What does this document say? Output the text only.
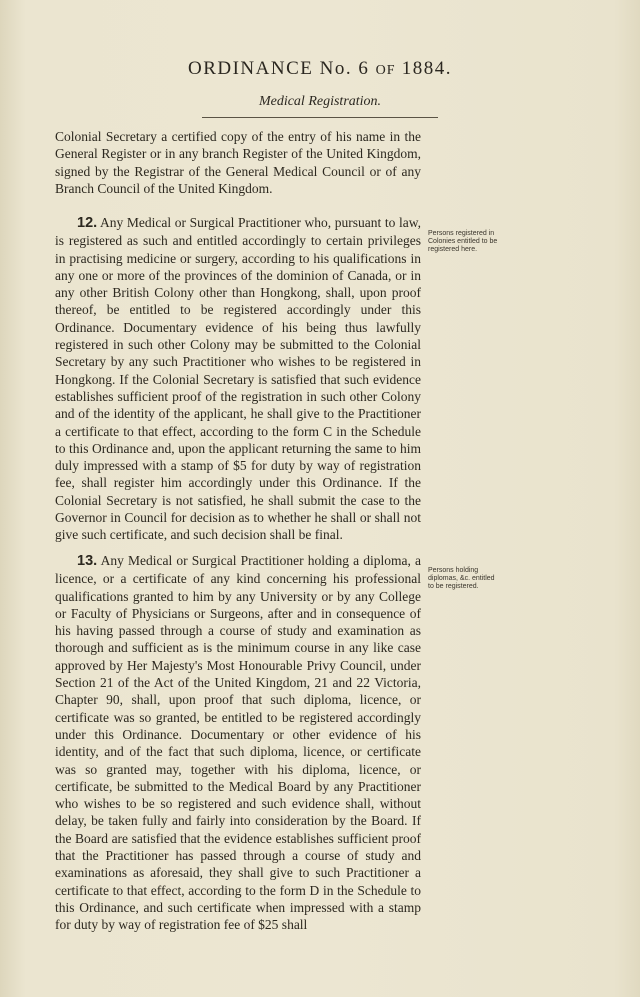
ORDINANCE No. 6 OF 1884.
Medical Registration.

Colonial Secretary a certified copy of the entry of his name in the General Register or in any branch Register of the United Kingdom, signed by the Registrar of the General Medical Council or of any Branch Council of the United Kingdom.

12. Any Medical or Surgical Practitioner who, pursuant to law, is registered as such and entitled accordingly to certain privileges in practising medicine or surgery, according to his qualifications in any one or more of the provinces of the dominion of Canada, or in any other British Colony other than Hongkong, shall, upon proof thereof, be entitled to be registered accordingly under this Ordinance. Documentary evidence of his being thus lawfully registered in such other Colony may be submitted to the Colonial Secretary by any such Practitioner who wishes to be registered in Hongkong. If the Colonial Secretary is satisfied that such evidence establishes sufficient proof of the registration in such other Colony and of the identity of the applicant, he shall give to the Practitioner a certificate to that effect, according to the form C in the Schedule to this Ordinance and, upon the applicant returning the same to him duly impressed with a stamp of $5 for duty by way of registration fee, shall register him accordingly under this Ordinance. If the Colonial Secretary is not satisfied, he shall submit the case to the Governor in Council for decision as to whether he shall or shall not give such certificate, and such decision shall be final.

13. Any Medical or Surgical Practitioner holding a diploma, a licence, or a certificate of any kind concerning his professional qualifications granted to him by any University or by any College or Faculty of Physicians or Surgeons, after and in consequence of his having passed through a course of study and examination as thorough and sufficient as is the minimum course in any like case approved by Her Majesty's Most Honourable Privy Council, under Section 21 of the Act of the United Kingdom, 21 and 22 Victoria, Chapter 90, shall, upon proof that such diploma, licence, or certificate was so granted, be entitled to be registered accordingly under this Ordinance. Documentary or other evidence of his identity, and of the fact that such diploma, licence, or certificate was so granted may, together with his diploma, licence, or certificate, be submitted to the Medical Board by any Practitioner who wishes to be so registered and such evidence shall, without delay, be taken fully and fairly into consideration by the Board. If the Board are satisfied that the evidence establishes sufficient proof that the Practitioner has passed through a course of study and examinations as aforesaid, they shall give to such Practitioner a certificate to that effect, according to the form D in the Schedule to this Ordinance, and such certificate when impressed with a stamp for duty by way of registration fee of $25 shall

Persons registered in Colonies entitled to be registered here.
Persons holding diplomas, &c. entitled to be registered.
